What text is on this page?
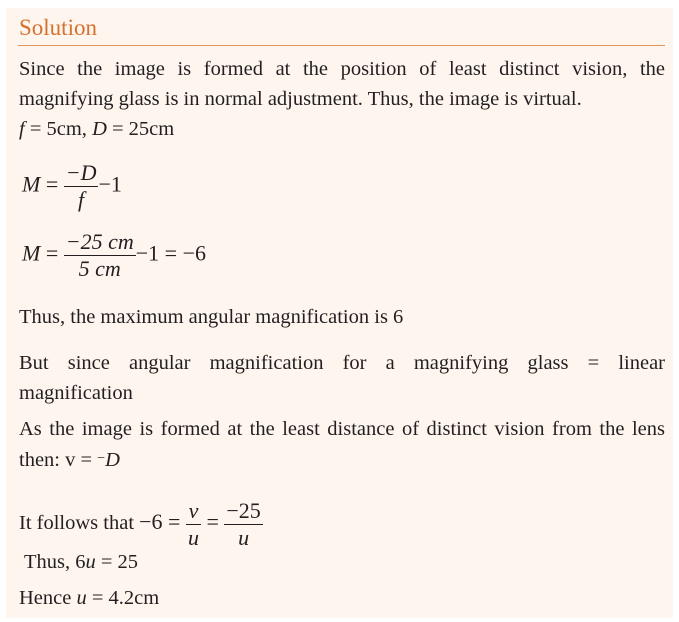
Solution
Since the image is formed at the position of least distinct vision, the
magnifying glass is in normal adjustment. Thus, the image is virtual.
f = 5cm, D = 25cm
$M = \frac{-D}{f} -1$
$M = \frac{-25 cm}{5 cm} -1 = -6$
Thus, the maximum angular magnification is 6
But since angular magnification for a magnifying glass = linear
magnification
As the image is formed at the least distance of distinct vision from the lens
then: v = −D
It follows that $-6 = \frac{v}{u} = \frac{-25}{u}$
Thus, 6u = 25
Hence u = 4.2cm
